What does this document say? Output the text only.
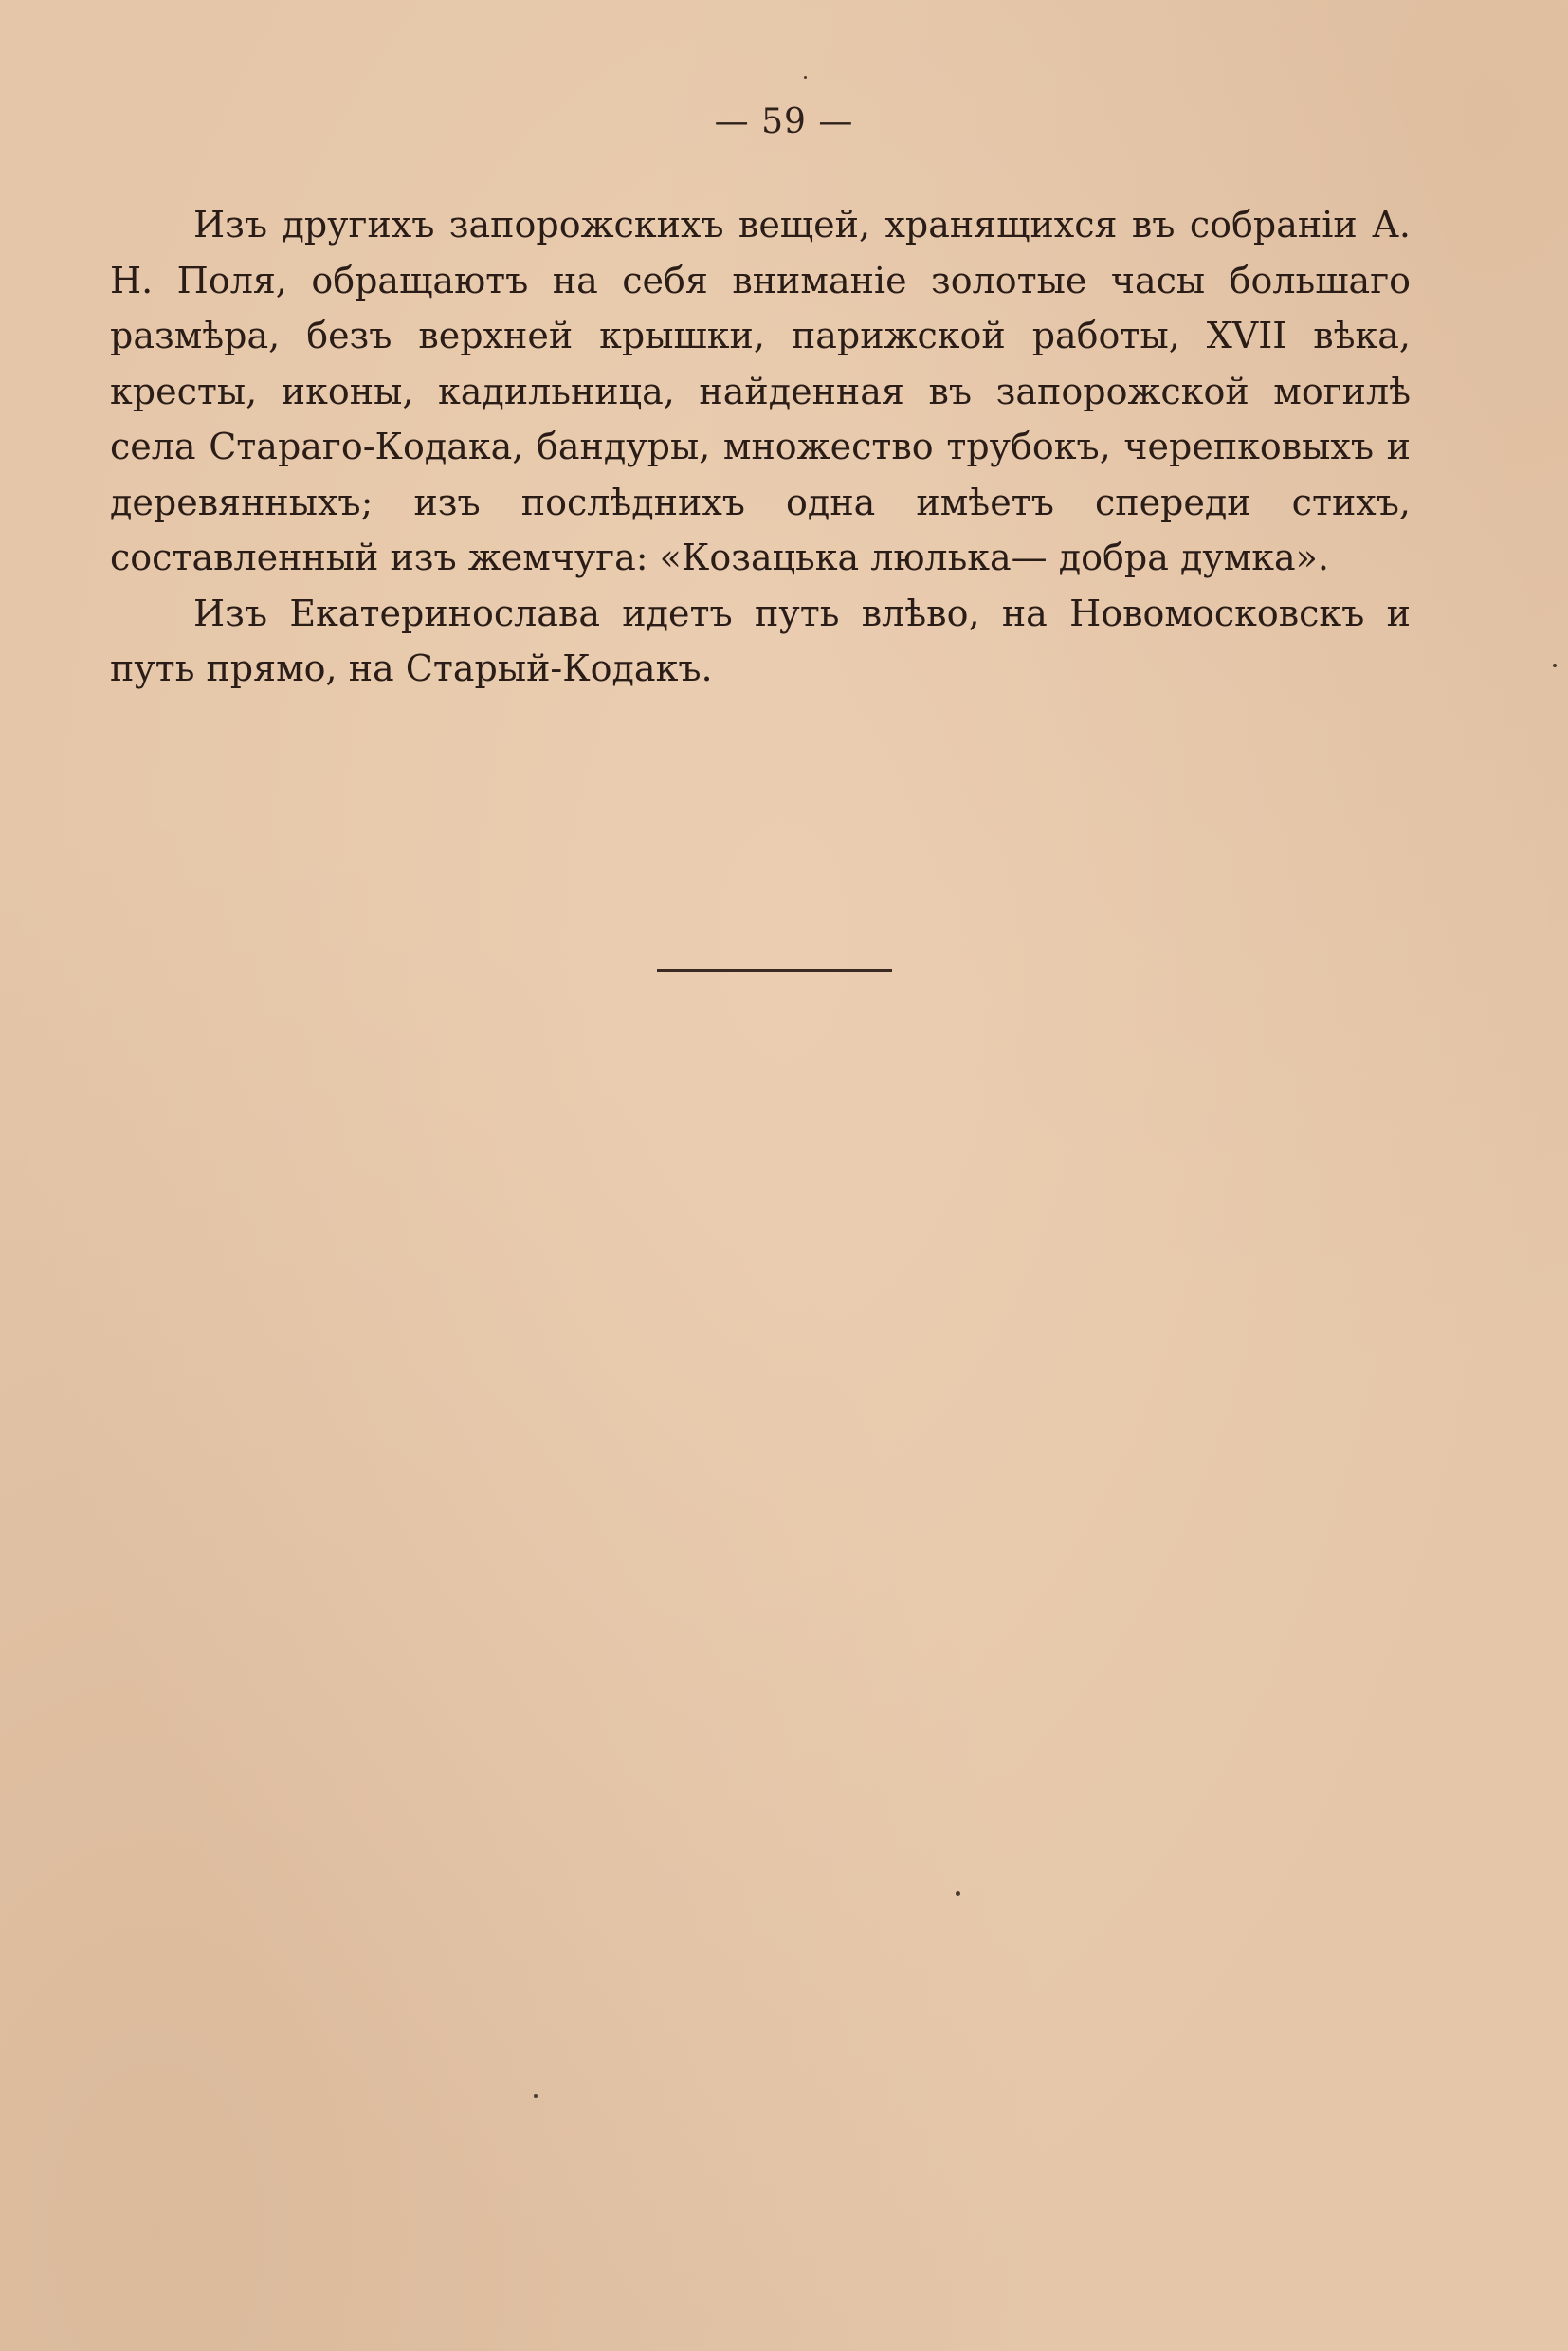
— 59 —

Изъ другихъ запорожскихъ вещей, хранящихся въ собраніи А. Н. Поля, обращаютъ на себя вниманіе золотые часы большаго размѣра, безъ верхней крышки, парижской работы, XVII вѣка, кресты, иконы, кадильница, найденная въ запорожской могилѣ села Стараго-Кодака, бандуры, множество трубокъ, черепковыхъ и деревянныхъ; изъ послѣднихъ одна имѣетъ спереди стихъ, составленный изъ жемчуга: «Козацька люлька— добра думка».

Изъ Екатеринослава идетъ путь влѣво, на Новомосковскъ и путь прямо, на Старый-Кодакъ.
